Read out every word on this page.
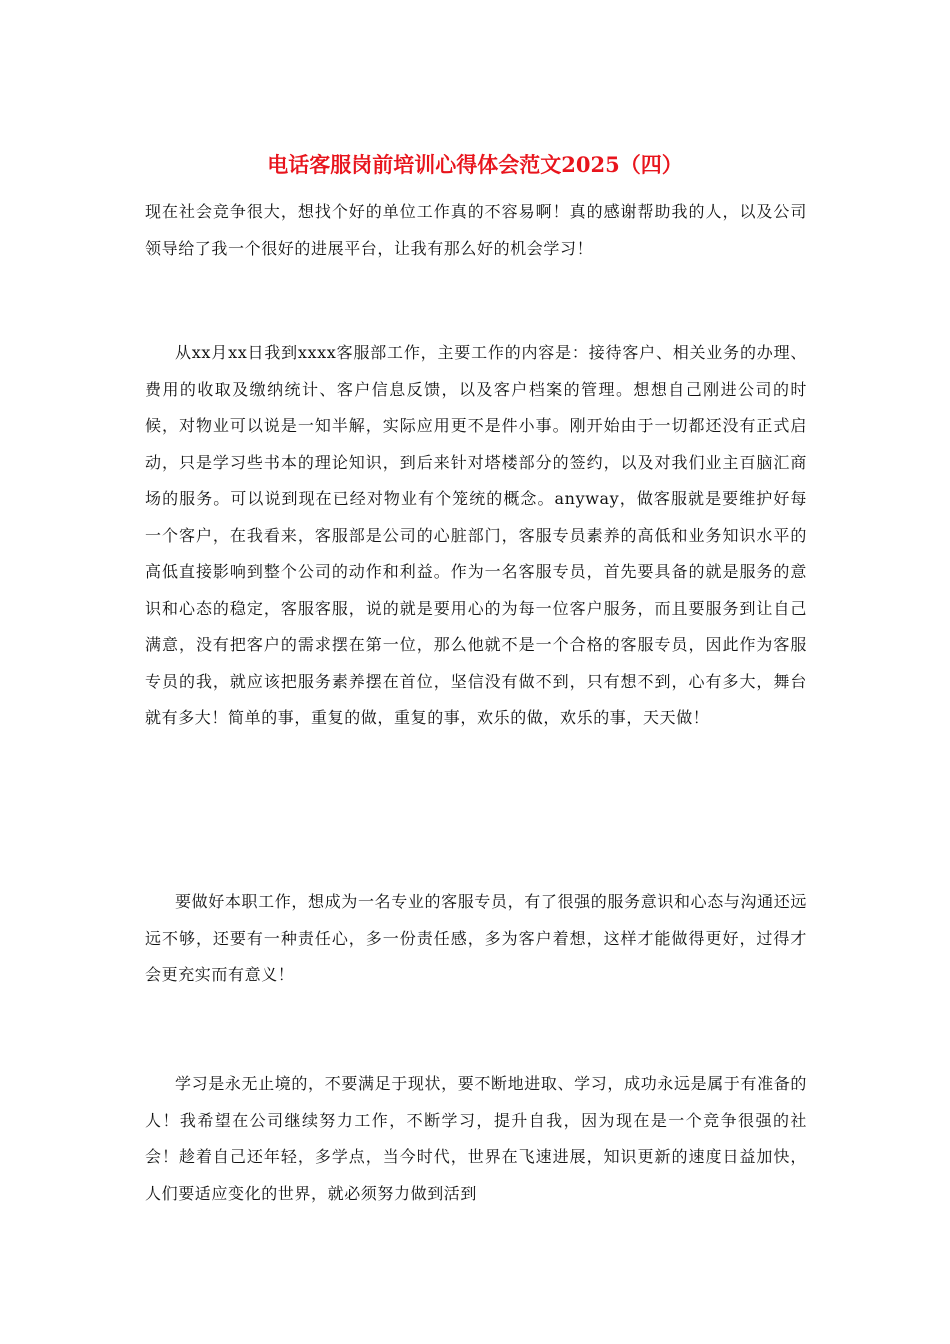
电话客服岗前培训心得体会范文2025（四）

现在社会竞争很大，想找个好的单位工作真的不容易啊！真的感谢帮助我的人，以及公司领导给了我一个很好的进展平台，让我有那么好的机会学习！

从xx月xx日我到xxxx客服部工作，主要工作的内容是：接待客户、相关业务的办理、费用的收取及缴纳统计、客户信息反馈，以及客户档案的管理。想想自己刚进公司的时候，对物业可以说是一知半解，实际应用更不是件小事。刚开始由于一切都还没有正式启动，只是学习些书本的理论知识，到后来针对塔楼部分的签约，以及对我们业主百脑汇商场的服务。可以说到现在已经对物业有个笼统的概念。anyway，做客服就是要维护好每一个客户，在我看来，客服部是公司的心脏部门，客服专员素养的高低和业务知识水平的高低直接影响到整个公司的动作和利益。作为一名客服专员，首先要具备的就是服务的意识和心态的稳定，客服客服，说的就是要用心的为每一位客户服务，而且要服务到让自己满意，没有把客户的需求摆在第一位，那么他就不是一个合格的客服专员，因此作为客服专员的我，就应该把服务素养摆在首位，坚信没有做不到，只有想不到，心有多大，舞台就有多大！简单的事，重复的做，重复的事，欢乐的做，欢乐的事，天天做！

要做好本职工作，想成为一名专业的客服专员，有了很强的服务意识和心态与沟通还远远不够，还要有一种责任心，多一份责任感，多为客户着想，这样才能做得更好，过得才会更充实而有意义！

学习是永无止境的，不要满足于现状，要不断地进取、学习，成功永远是属于有准备的人！我希望在公司继续努力工作，不断学习，提升自我，因为现在是一个竞争很强的社会！趁着自己还年轻，多学点，当今时代，世界在飞速进展，知识更新的速度日益加快，人们要适应变化的世界，就必须努力做到活到
